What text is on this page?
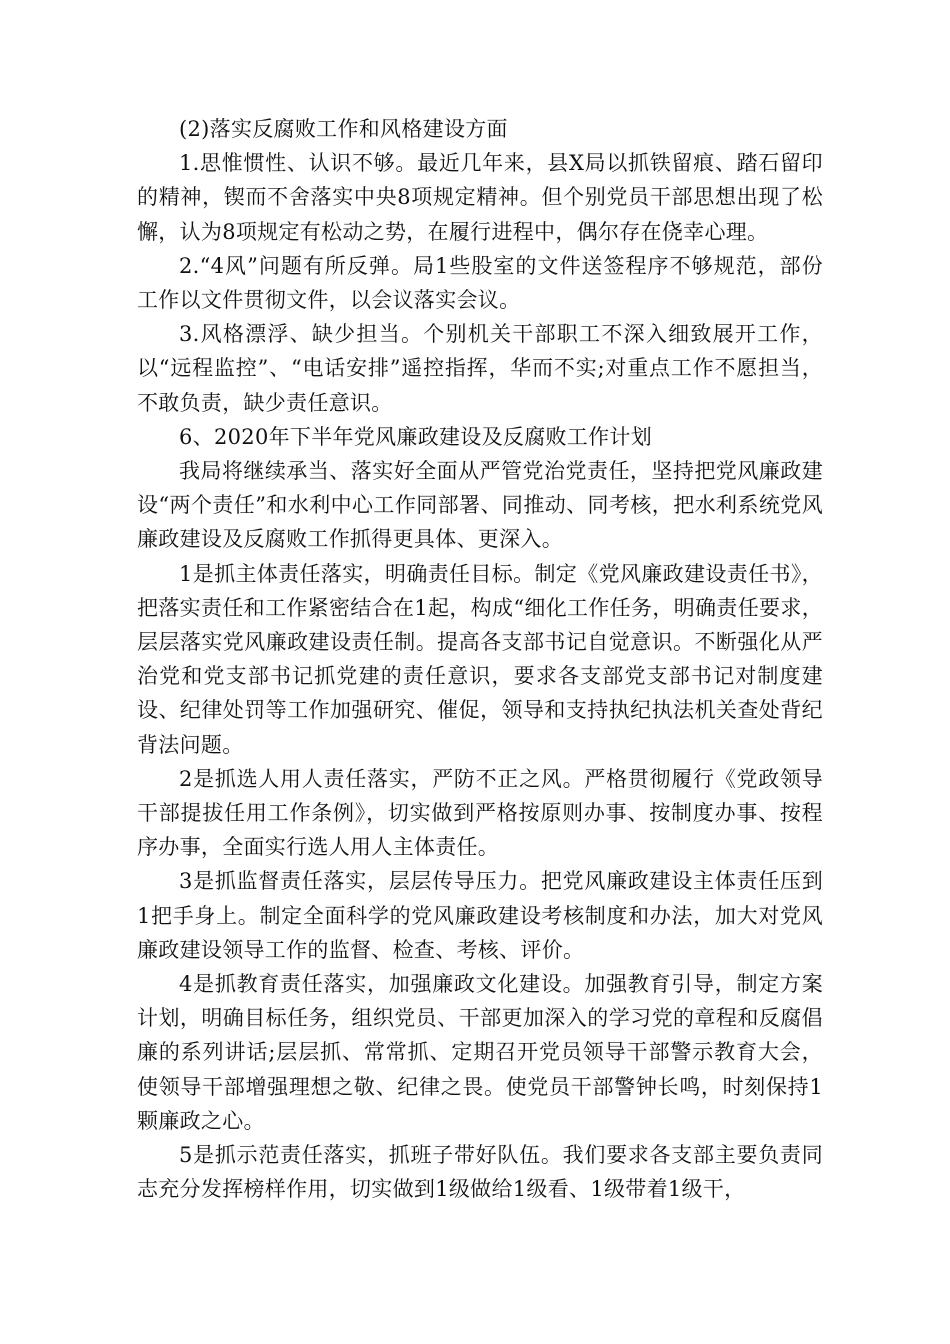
(2)落实反腐败工作和风格建设方面

1.思惟惯性、认识不够。最近几年来，县X局以抓铁留痕、踏石留印的精神，锲而不舍落实中央8项规定精神。但个别党员干部思想出现了松懈，认为8项规定有松动之势，在履行进程中，偶尔存在侥幸心理。

2.“4风”问题有所反弹。局1些股室的文件送签程序不够规范，部份工作以文件贯彻文件，以会议落实会议。

3.风格漂浮、缺少担当。个别机关干部职工不深入细致展开工作，以“远程监控”、“电话安排”遥控指挥，华而不实;对重点工作不愿担当，不敢负责，缺少责任意识。

6、2020年下半年党风廉政建设及反腐败工作计划

我局将继续承当、落实好全面从严管党治党责任，坚持把党风廉政建设“两个责任”和水利中心工作同部署、同推动、同考核，把水利系统党风廉政建设及反腐败工作抓得更具体、更深入。

1是抓主体责任落实，明确责任目标。制定《党风廉政建设责任书》，把落实责任和工作紧密结合在1起，构成“细化工作任务，明确责任要求，层层落实党风廉政建设责任制。提高各支部书记自觉意识。不断强化从严治党和党支部书记抓党建的责任意识，要求各支部党支部书记对制度建设、纪律处罚等工作加强研究、催促，领导和支持执纪执法机关查处背纪背法问题。

2是抓选人用人责任落实，严防不正之风。严格贯彻履行《党政领导干部提拔任用工作条例》，切实做到严格按原则办事、按制度办事、按程序办事，全面实行选人用人主体责任。

3是抓监督责任落实，层层传导压力。把党风廉政建设主体责任压到1把手身上。制定全面科学的党风廉政建设考核制度和办法，加大对党风廉政建设领导工作的监督、检查、考核、评价。

4是抓教育责任落实，加强廉政文化建设。加强教育引导，制定方案计划，明确目标任务，组织党员、干部更加深入的学习党的章程和反腐倡廉的系列讲话;层层抓、常常抓、定期召开党员领导干部警示教育大会，使领导干部增强理想之敬、纪律之畏。使党员干部警钟长鸣，时刻保持1颗廉政之心。

5是抓示范责任落实，抓班子带好队伍。我们要求各支部主要负责同志充分发挥榜样作用，切实做到1级做给1级看、1级带着1级干，
